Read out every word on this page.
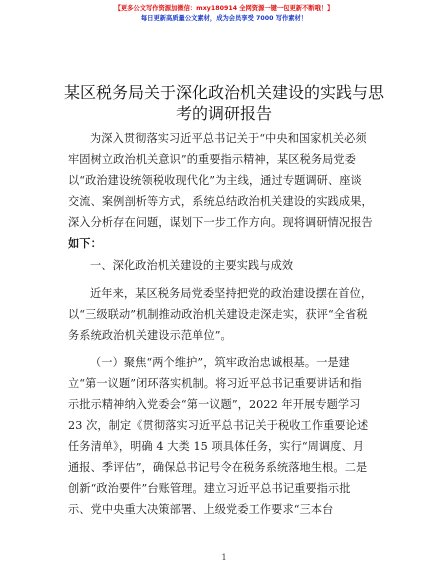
【更多公文写作资源加微信：mxy180914 全网资源一键一包更新不断哦！】
每日更新高质量公文素材，成为会员享受 7000 写作素材！
某区税务局关于深化政治机关建设的实践与思
考的调研报告
为深入贯彻落实习近平总书记关于“中央和国家机关必须
牢固树立政治机关意识”的重要指示精神，某区税务局党委
以“政治建设统领税收现代化”为主线，通过专题调研、座谈
交流、案例剖析等方式，系统总结政治机关建设的实践成果，
深入分析存在问题，谋划下一步工作方向。现将调研情况报告
如下：
一、深化政治机关建设的主要实践与成效
近年来，某区税务局党委坚持把党的政治建设摆在首位，
以“三级联动”机制推动政治机关建设走深走实，获评“全省税
务系统政治机关建设示范单位”。
（一）聚焦“两个维护”，筑牢政治忠诚根基。一是建
立“第一议题”闭环落实机制。将习近平总书记重要讲话和指
示批示精神纳入党委会“第一议题”，2022 年开展专题学习
23 次，制定《贯彻落实习近平总书记关于税收工作重要论述
任务清单》，明确 4 大类 15 项具体任务，实行“周调度、月
通报、季评估”，确保总书记号令在税务系统落地生根。二是
创新“政治要件”台账管理。建立习近平总书记重要指示批
示、党中央重大决策部署、上级党委工作要求“三本台
1
